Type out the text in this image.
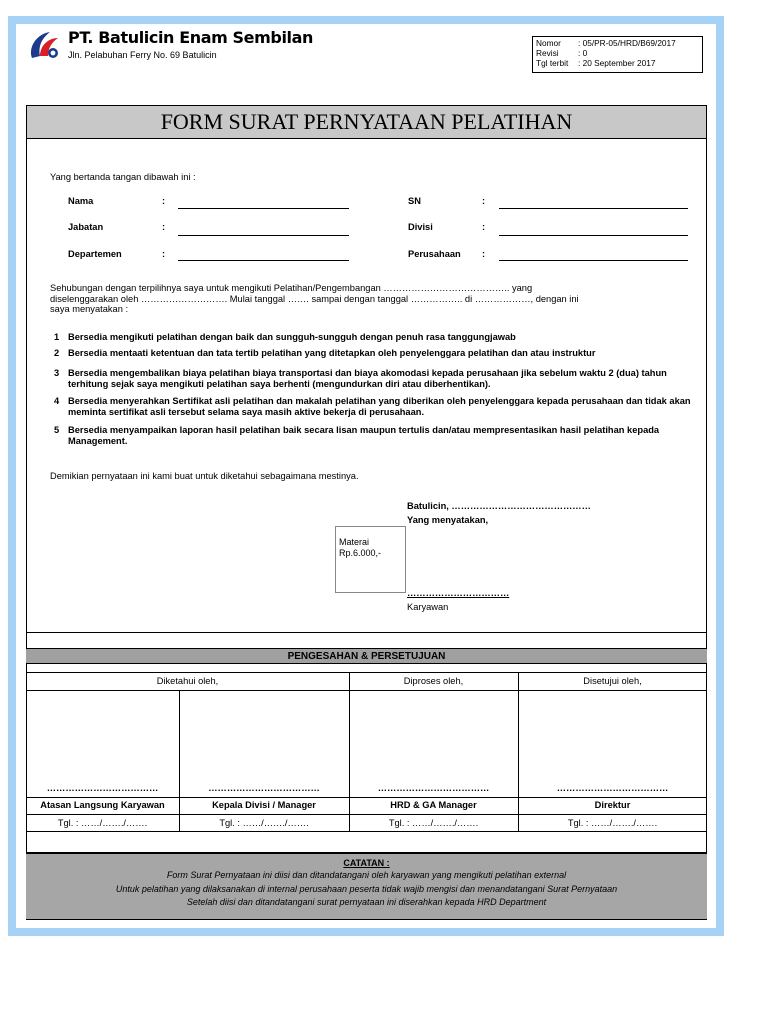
PT. Batulicin Enam Sembilan
Jln. Pelabuhan Ferry No. 69 Batulicin
Nomor	: 05/PR-05/HRD/B69/2017
Revisi	: 0
Tgl terbit	: 20 September 2017
FORM SURAT PERNYATAAN PELATIHAN
Yang bertanda tangan dibawah ini :
Nama	:
Jabatan	:
Departemen	:
SN	:
Divisi	:
Perusahaan :
Sehubungan dengan terpilihnya saya untuk mengikuti Pelatihan/Pengembangan ………………………………….. yang
diselenggarakan oleh ………………………. Mulai tanggal ……. sampai dengan tanggal …………….. di ………………, dengan ini
saya menyatakan :
1 Bersedia mengikuti pelatihan dengan baik dan sungguh-sungguh dengan penuh rasa tanggungjawab
2 Bersedia mentaati ketentuan dan tata tertib pelatihan yang ditetapkan oleh penyelenggara pelatihan dan atau instruktur
3 Bersedia mengembalikan biaya pelatihan biaya transportasi dan biaya akomodasi kepada perusahaan jika sebelum waktu 2 (dua) tahun terhitung sejak saya mengikuti pelatihan saya berhenti (mengundurkan diri atau diberhentikan).
4 Bersedia menyerahkan Sertifikat asli pelatihan dan makalah pelatihan yang diberikan oleh penyelenggara kepada perusahaan dan tidak akan meminta sertifikat asli tersebut selama saya masih aktive bekerja di perusahaan.
5 Bersedia menyampaikan laporan hasil pelatihan baik secara lisan maupun tertulis dan/atau mempresentasikan hasil pelatihan kepada Management.
Demikian pernyataan ini kami buat untuk diketahui sebagaimana mestinya.
Batulicin, ………………………………………
Yang menyatakan,
Materai
Rp.6.000,-
……………………………
Karyawan
PENGESAHAN & PERSETUJUAN
Diketahui oleh,	Diproses oleh,	Disetujui oleh,
………………………………	………………………………	………………………………	………………………………
Atasan Langsung Karyawan	Kepala Divisi / Manager	HRD & GA Manager	Direktur
Tgl. : ……/……./…….	Tgl. : ……/……./…….	Tgl. : ……/……./…….	Tgl. : ……/……./…….
CATATAN :
Form Surat Pernyataan ini diisi dan ditandatangani oleh karyawan yang mengikuti pelatihan external
Untuk pelatihan yang dilaksanakan di internal perusahaan peserta tidak wajib mengisi dan menandatangani Surat Pernyataan
Setelah diisi dan ditandatangani surat pernyataan ini diserahkan kepada HRD Department
